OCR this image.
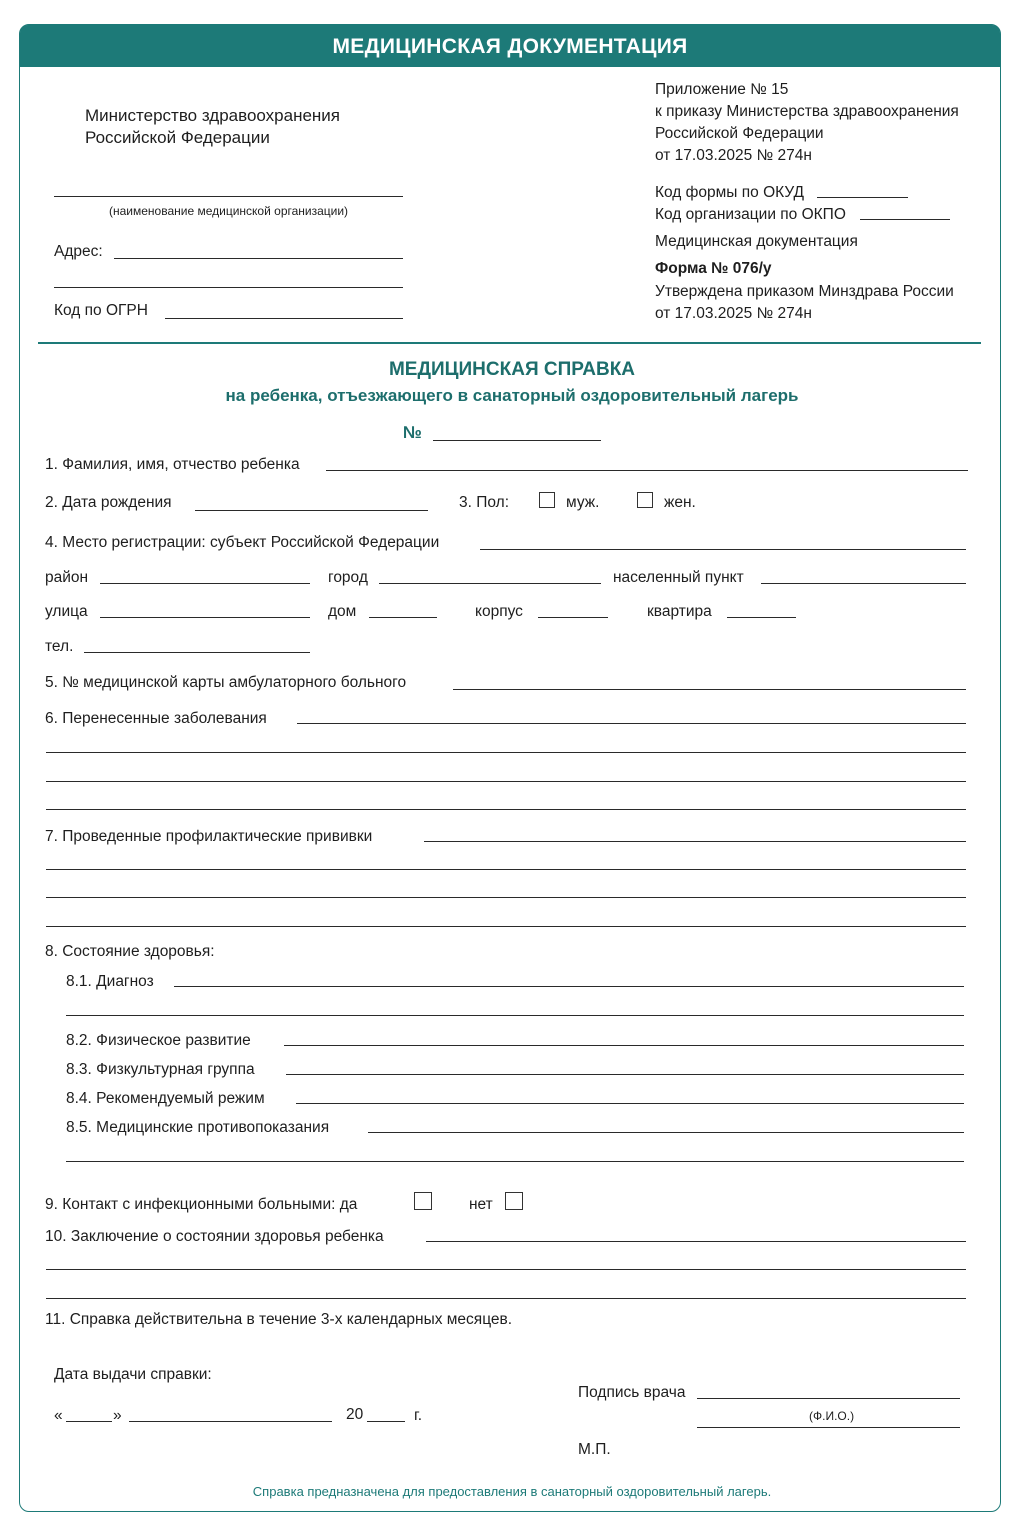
МЕДИЦИНСКАЯ ДОКУМЕНТАЦИЯ
Министерство здравоохранения
Российской Федерации
(наименование медицинской организации)
Адрес:
Код по ОГРН
Приложение № 15
к приказу Министерства здравоохранения
Российской Федерации
от 17.03.2025 № 274н
Код формы по ОКУД
Код организации по ОКПО
Медицинская документация
Форма № 076/у
Утверждена приказом Минздрава России
от 17.03.2025 № 274н
МЕДИЦИНСКАЯ СПРАВКА
на ребенка, отъезжающего в санаторный оздоровительный лагерь
№
1. Фамилия, имя, отчество ребенка
2. Дата рождения	3. Пол:	муж.	жен.
4. Место регистрации: субъект Российской Федерации
район	город	населенный пункт
улица	дом	корпус	квартира
тел.
5. № медицинской карты амбулаторного больного
6. Перенесенные заболевания
7. Проведенные профилактические прививки
8. Состояние здоровья:
8.1. Диагноз
8.2. Физическое развитие
8.3. Физкультурная группа
8.4. Рекомендуемый режим
8.5. Медицинские противопоказания
9. Контакт с инфекционными больными: да	нет
10. Заключение о состоянии здоровья ребенка
11. Справка действительна в течение 3-х календарных месяцев.
Дата выдачи справки:
«	»	20	г.
Подпись врача
(Ф.И.О.)
М.П.
Справка предназначена для предоставления в санаторный оздоровительный лагерь.
